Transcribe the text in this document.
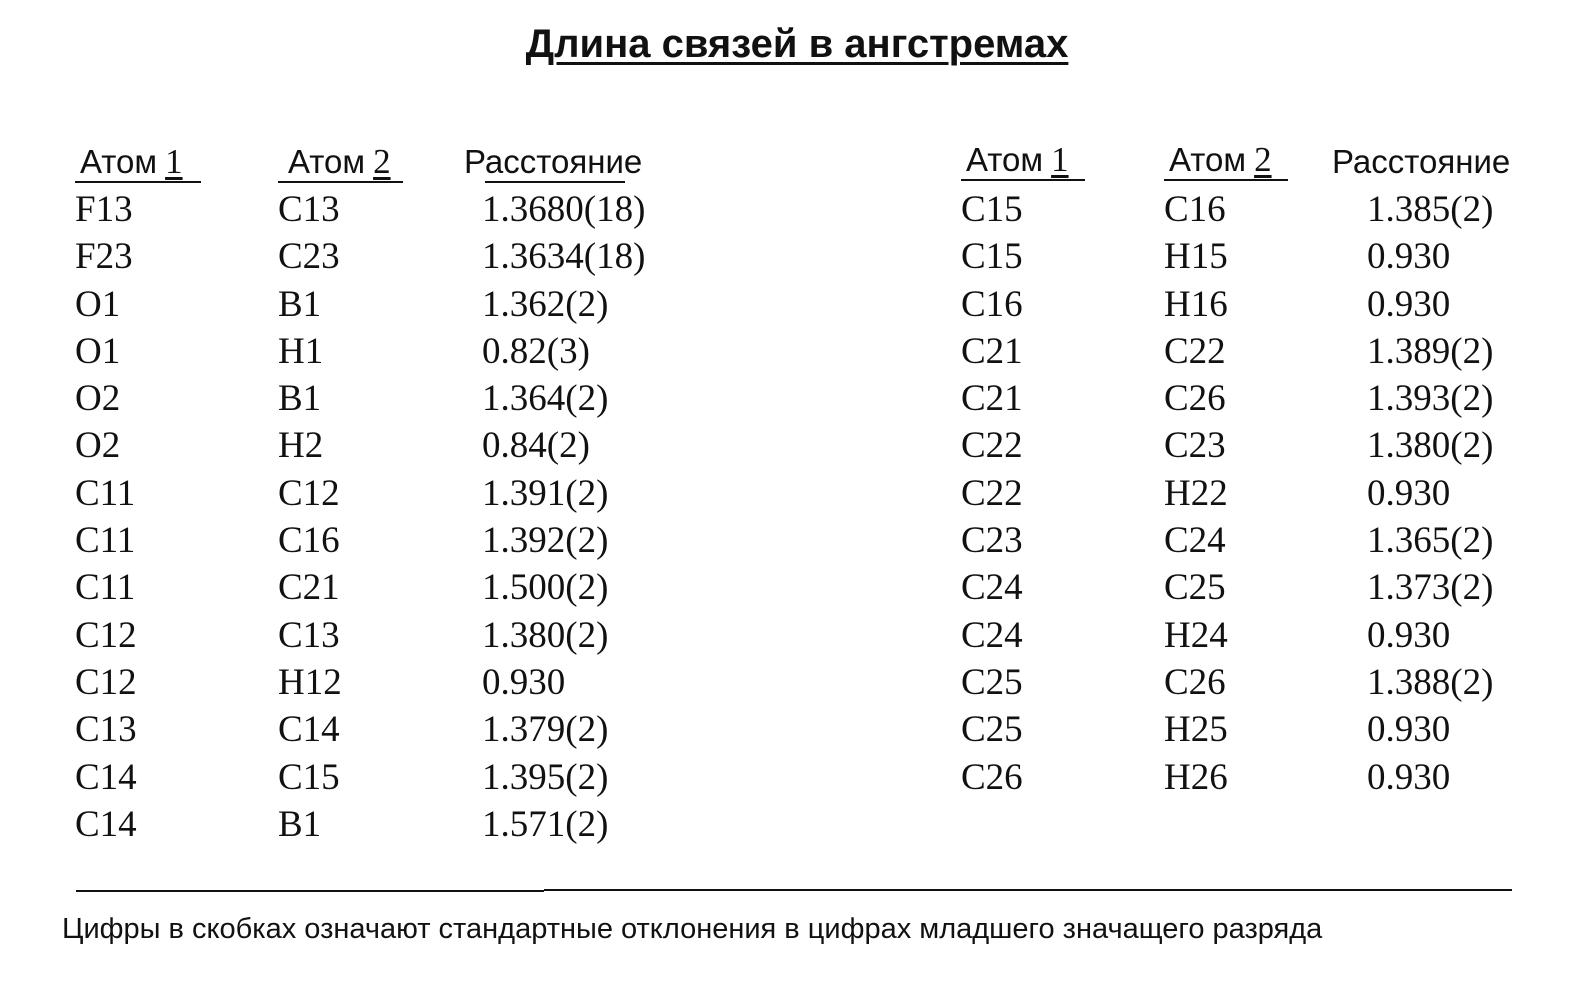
Длина связей в ангстремах
Атом 1	Атом 2 Расстояние	Атом 1	Атом 2 Расстояние
F13	C13	1.3680(18)
F23	C23	1.3634(18)
O1	B1	1.362(2)
O1	H1	0.82(3)
O2	B1	1.364(2)
O2	H2	0.84(2)
C11	C12	1.391(2)
C11	C16	1.392(2)
C11	C21	1.500(2)
C12	C13	1.380(2)
C12	H12	0.930
C13	C14	1.379(2)
C14	C15	1.395(2)
C14	B1	1.571(2)
C15	C16	1.385(2)
C15	H15	0.930
C16	H16	0.930
C21	C22	1.389(2)
C21	C26	1.393(2)
C22	C23	1.380(2)
C22	H22	0.930
C23	C24	1.365(2)
C24	C25	1.373(2)
C24	H24	0.930
C25	C26	1.388(2)
C25	H25	0.930
C26	H26	0.930
Цифры в скобках означают стандартные отклонения в цифрах младшего значащего разряда
